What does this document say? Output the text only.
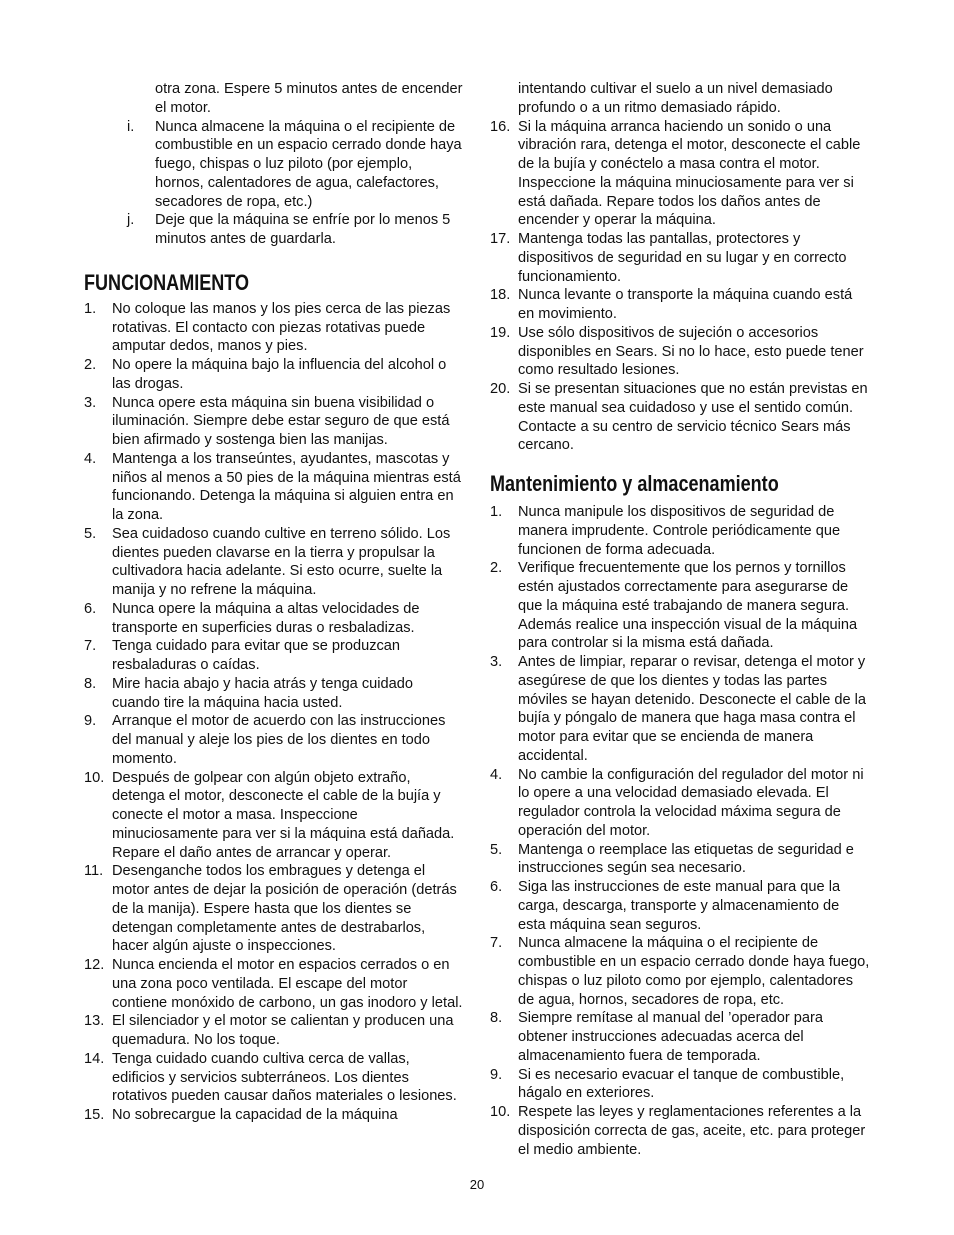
otra zona. Espere 5 minutos antes de encender el motor.

i. Nunca almacene la máquina o el recipiente de combustible en un espacio cerrado donde haya fuego, chispas o luz piloto (por ejemplo, hornos, calentadores de agua, calefactores, secadores de ropa, etc.)

j. Deje que la máquina se enfríe por lo menos 5 minutos antes de guardarla.

FUNCIONAMIENTO

1. No coloque las manos y los pies cerca de las piezas rotativas. El contacto con piezas rotativas puede amputar dedos, manos y pies.

2. No opere la máquina bajo la influencia del alcohol o las drogas.

3. Nunca opere esta máquina sin buena visibilidad o iluminación. Siempre debe estar seguro de que está bien afirmado y sostenga bien las manijas.

4. Mantenga a los transeúntes, ayudantes, mascotas y niños al menos a 50 pies de la máquina mientras está funcionando. Detenga la máquina si alguien entra en la zona.

5. Sea cuidadoso cuando cultive en terreno sólido. Los dientes pueden clavarse en la tierra y propulsar la cultivadora hacia adelante. Si esto ocurre, suelte la manija y no refrene la máquina.

6. Nunca opere la máquina a altas velocidades de transporte en superficies duras o resbaladizas.

7. Tenga cuidado para evitar que se produzcan resbaladuras o caídas.

8. Mire hacia abajo y hacia atrás y tenga cuidado cuando tire la máquina hacia usted.

9. Arranque el motor de acuerdo con las instrucciones del manual y aleje los pies de los dientes en todo momento.

10. Después de golpear con algún objeto extraño, detenga el motor, desconecte el cable de la bujía y conecte el motor a masa. Inspeccione minuciosamente para ver si la máquina está dañada. Repare el daño antes de arrancar y operar.

11. Desenganche todos los embragues y detenga el motor antes de dejar la posición de operación (detrás de la manija). Espere hasta que los dientes se detengan completamente antes de destrabarlos, hacer algún ajuste o inspecciones.

12. Nunca encienda el motor en espacios cerrados o en una zona poco ventilada. El escape del motor contiene monóxido de carbono, un gas inodoro y letal.

13. El silenciador y el motor se calientan y producen una quemadura. No los toque.

14. Tenga cuidado cuando cultiva cerca de vallas, edificios y servicios subterráneos. Los dientes rotativos pueden causar daños materiales o lesiones.

15. No sobrecargue la capacidad de la máquina

intentando cultivar el suelo a un nivel demasiado profundo o a un ritmo demasiado rápido.

16. Si la máquina arranca haciendo un sonido o una vibración rara, detenga el motor, desconecte el cable de la bujía y conéctelo a masa contra el motor. Inspeccione la máquina minuciosamente para ver si está dañada. Repare todos los daños antes de encender y operar la máquina.

17. Mantenga todas las pantallas, protectores y dispositivos de seguridad en su lugar y en correcto funcionamiento.

18. Nunca levante o transporte la máquina cuando está en movimiento.

19. Use sólo dispositivos de sujeción o accesorios disponibles en Sears. Si no lo hace, esto puede tener como resultado lesiones.

20. Si se presentan situaciones que no están previstas en este manual sea cuidadoso y use el sentido común. Contacte a su centro de servicio técnico Sears más cercano.

Mantenimiento y almacenamiento

1. Nunca manipule los dispositivos de seguridad de manera imprudente. Controle periódicamente que funcionen de forma adecuada.

2. Verifique frecuentemente que los pernos y tornillos estén ajustados correctamente para asegurarse de que la máquina esté trabajando de manera segura. Además realice una inspección visual de la máquina para controlar si la misma está dañada.

3. Antes de limpiar, reparar o revisar, detenga el motor y asegúrese de que los dientes y todas las partes móviles se hayan detenido. Desconecte el cable de la bujía y póngalo de manera que haga masa contra el motor para evitar que se encienda de manera accidental.

4. No cambie la configuración del regulador del motor ni lo opere a una velocidad demasiado elevada. El regulador controla la velocidad máxima segura de operación del motor.

5. Mantenga o reemplace las etiquetas de seguridad e instrucciones según sea necesario.

6. Siga las instrucciones de este manual para que la carga, descarga, transporte y almacenamiento de esta máquina sean seguros.

7. Nunca almacene la máquina o el recipiente de combustible en un espacio cerrado donde haya fuego, chispas o luz piloto como por ejemplo, calentadores de agua, hornos, secadores de ropa, etc.

8. Siempre remítase al manual del ’operador para obtener instrucciones adecuadas acerca del almacenamiento fuera de temporada.

9. Si es necesario evacuar el tanque de combustible, hágalo en exteriores.

10. Respete las leyes y reglamentaciones referentes a la disposición correcta de gas, aceite, etc. para proteger el medio ambiente.

20
